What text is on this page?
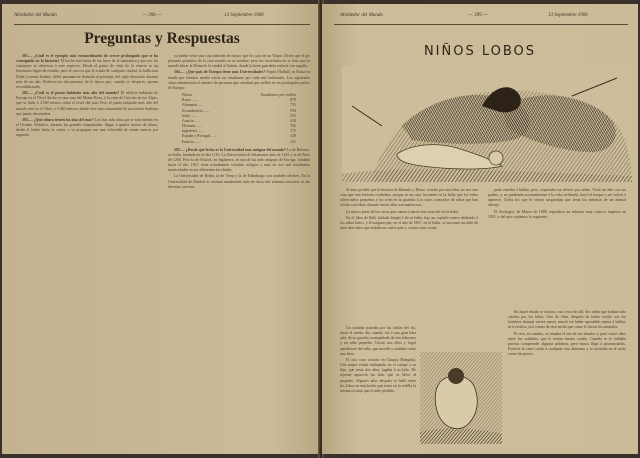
Alrededor del Mundo	— 208 —	13 Septiembre 1900
Preguntas y Respuestas

301.— ¿Cuál es el ejemplo más extraordinario de crecer prolongado que se ha conseguido en la historia? El hecho está fuera de las leyes de la naturaleza y por eso las citaciones se observan á este respecto. Desde el punto de vista de la ciencia es un fenómeno digno de estudio, pero el caso es que la criada de cualquier ciudad, la bulliciosa Doña Lorenza Jaubert, debió permanecer dormida al principio del siglo dieciocho durante más de un año. Refieren los documentos de la época que, cuando se despertó, apenas recordaba nada.

302.— ¿Cuál es el punto habitado más alto del mundo? El edificio habitado de Europa en el Nivel Ancho es una casa del Monte Rosa, á la vista de Cervino en los Alpes, que se halla á 4.560 metros sobre el nivel del mar. Pero el punto habitado más alto del mundo está en el Tibet, á 5.060 metros, donde vive una comunidad de sacerdotes budistas que jamás descienden.

303.— ¿Qué altura tienen las olas del mar? Las olas más altas que se han medido en el Océano Atlántico, durante las grandes tempestades, llegan á quince metros de altura, desde el fondo hasta la cresta, y se propagan con una velocidad de veinte metros por segundo.

ya puede verse una caja plateada de mayor que los ojos de un Negro. Dicen que el pie plateado primitivo de la casa mandó en su nombre; pero los incrédulos no se fían, que la mandó labrar la Reina de la ciudad al Sultán, donde la tiene guardada todavía con orgullo.

304.— ¿Qué país de Europa tiene más Universidades? Según Mulhall, es Rusia en donde por término medio existe un estudiante por cada mil habitantes. Los siguientes cifras demuestran el número de personas que estudian por millón en los principales países de Europa:

Países	Estudiantes por millón
Rusia ......	879
Alemania ......	733
Escandinavia ......	594
Italia ......	553
Austria ......	410
Holanda ......	392
Inglaterra ......	375
España y Portugal ......	329
Francia ......	311

305.— ¿Desde qué fecha es la Universidad más antigua del mundo? La de Bolonia, en Italia, fundada en el año 1119. La Universidad de Salamanca data de 1243 y la de París de 1200. Pero la de Oxford, en Inglaterra, es una de las más antiguas de Europa, fundada hacia el año 1167; tiene actualmente veintiún colegios y más de tres mil estudiantes matriculados en sus diferentes facultades.

La Universidad de Berlín, la de Viena y la de Edimburgo son también célebres. En la Universidad de Madrid se cuentan anualmente más de cinco mil alumnos inscritos en las diversas carreras.

Alrededor del Mundo	— 209 —	13 Septiembre 1900
NIÑOS LOBOS

Si muy posible que la historia de Rómulo y Remo, criados por una loba, no sea otra cosa que una historia verdadera, porque es un caso frecuente en la India que los lobos roben niños pequeños y los críen en su guarida. Los casos conocidos de niños que han vivido con lobos durante varios años son numerosos.

La mayor parte de los casos que vamos á narrar han ocurrido en la India.

En el libro de Ball, titulado Jungle Life in India, hay un capítulo entero dedicado á los niños lobos, y él asegura que, en el año de 1867, en la India, se encontró un niño de unos diez años que andaba en cuatro pies y comía carne cruda.

pudo enseñar á hablar, pero, expresaba sus deseos por señas. Vivió un año con sus padres, y, no pudiendo acostumbrarse á la vida civilizada, huyó al bosque y no volvió á aparecer. Todos los que le vieron aseguraban que tenía los instintos de un animal salvaje.

El Zoologist, de Marzo de 1888, reproduce un informe muy curioso, impreso en 1851, y del que copiamos lo siguiente:

Un soldado paseaba por las orillas del río, hacia el medio día, cuando vió á una gran loba salir de su guarida acompañada de tres lobeznos y un niño pequeño. Corrió tras ellos y logró apoderarse del niño, que mordía y arañaba como una fiera.

El otro caso ocurrió en Chupra (Bengala). Una mujer estaba trabajando en el campo y su hijo, que tenía dos años, jugaba á su lado. De repente apareció un lobo que se llevó al pequeño. Algunos años después se halló entre los lobos un muchacho que tenía en la rodilla la misma cicatriz que el niño perdido.

En aquel estado se citaron, casi cerca de allí, dos niños que habían sido criados por los lobos. Uno de ellos, después de haber vivido con los hombres durante varios meses, murió sin haber aprendido nunca á hablar, ni á vestirse, ni á comer de otro modo que como lo hacen los animales.

El otro, en cambio, se tomaba el aire de sus abuelos y pasó varios años entre los soldados, que le tenían mucho cariño. Cuando se le hablaba parecía comprender algunas palabras, pero nunca llegó á pronunciarlas. Prefería la carne cruda á cualquier otro alimento y se acostaba en el suelo como los perros.
